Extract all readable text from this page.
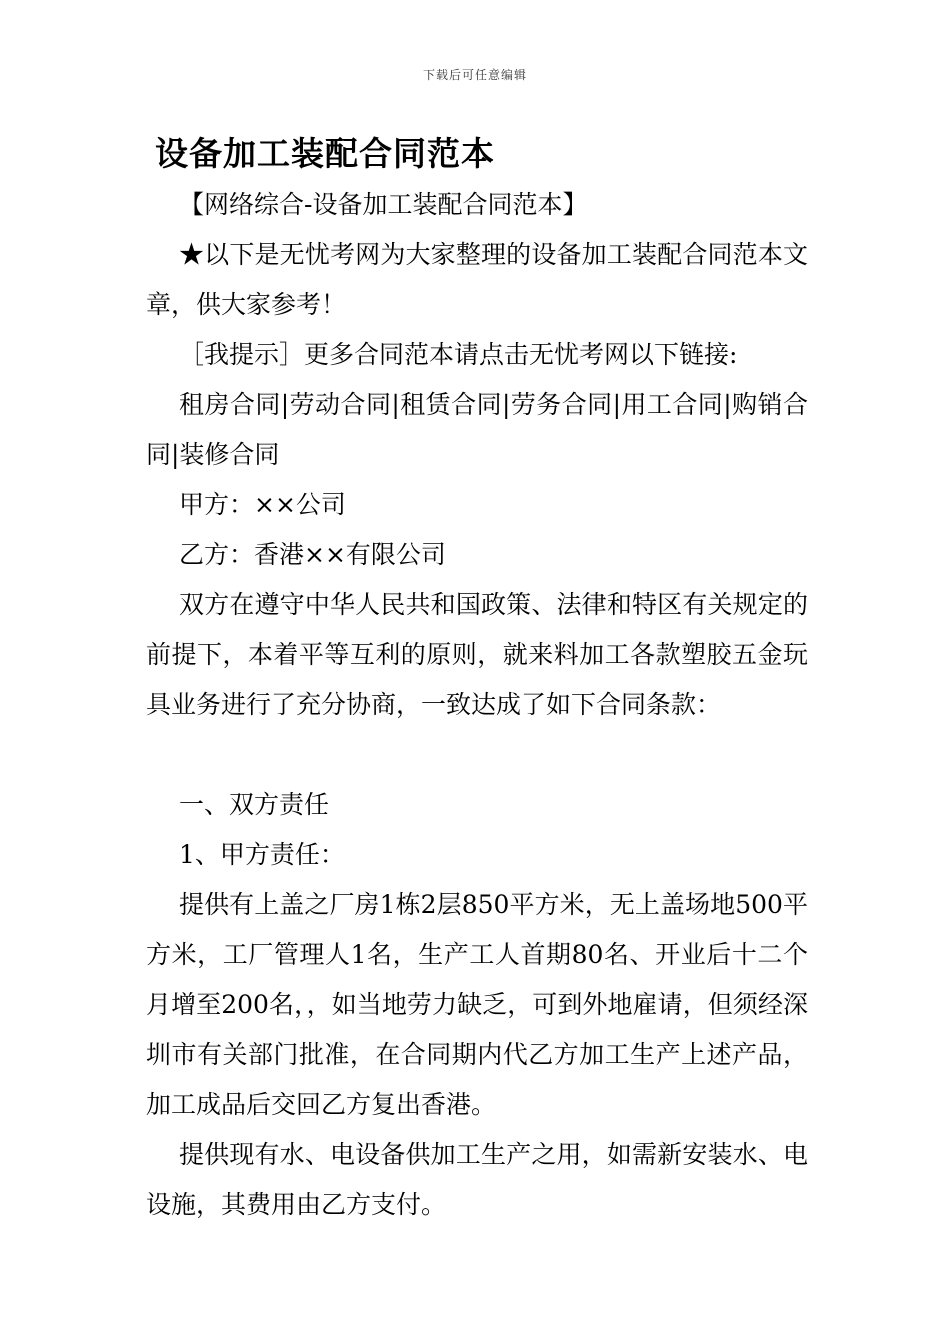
下载后可任意编辑
设备加工装配合同范本

【网络综合-设备加工装配合同范本】

★以下是无忧考网为大家整理的设备加工装配合同范本文章，供大家参考！

［我提示］更多合同范本请点击无忧考网以下链接:

租房合同|劳动合同|租赁合同|劳务合同|用工合同|购销合同|装修合同

甲方：××公司

乙方：香港××有限公司

双方在遵守中华人民共和国政策、法律和特区有关规定的前提下，本着平等互利的原则，就来料加工各款塑胶五金玩具业务进行了充分协商，一致达成了如下合同条款：

一、双方责任

1、甲方责任：

提供有上盖之厂房1栋2层850平方米，无上盖场地500平方米，工厂管理人1名，生产工人首期80名、开业后十二个月增至200名，，如当地劳力缺乏，可到外地雇请，但须经深圳市有关部门批准，在合同期内代乙方加工生产上述产品，加工成品后交回乙方复出香港。

提供现有水、电设备供加工生产之用，如需新安装水、电设施，其费用由乙方支付。
